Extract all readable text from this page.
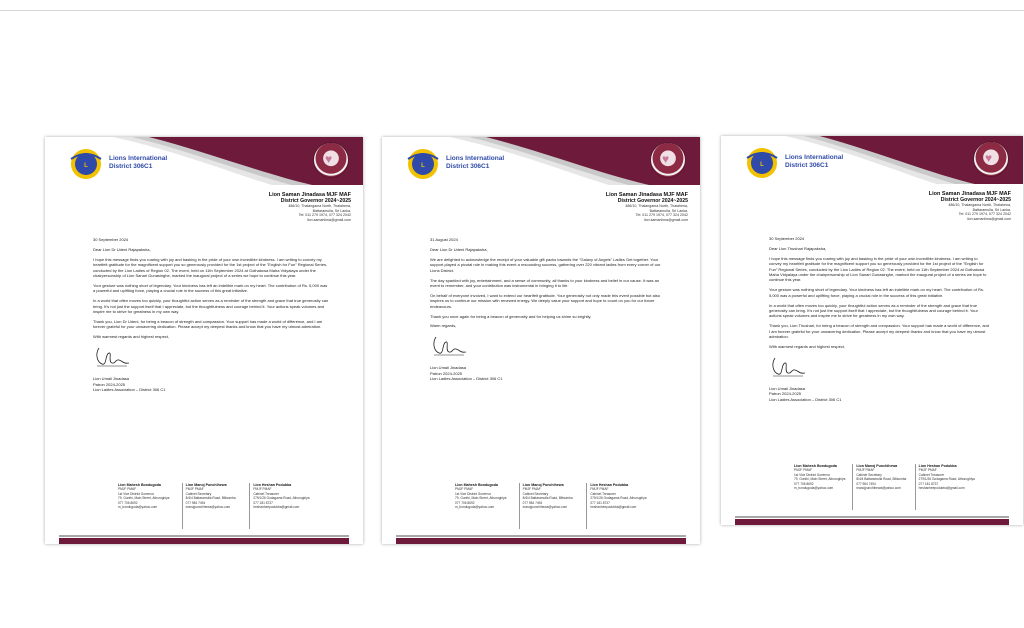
♥
L
Lions International
District 306C1
Lion Saman Jinadasa MJF MAF
District Governor 2024~2025
486/10, Thalangama North, Thalahena,
Battaramulla, Sri Lanka.
Tel: 011 279 1974, 077 324 2042
lion.samanlima@gmail.com

30 September 2024

Dear Lion Dr Udeni Rajapaksha,

I hope this message finds you roaring with joy and basking in the pride of your own incredible kindness. I am writing to convey my heartfelt gratitude for the magnificent support you so generously provided for the 1st project of the "English for Fun" Regional Series, conducted by the Lion Ladies of Region 02. The event, held on 11th September 2024 at Gothatuwa Maha Vidyalaya under the chairpersonship of Lion Sanari Gunasinghe, marked the inaugural project of a series we hope to continue this year.

Your gesture was nothing short of legendary. Your kindness has left an indelible mark on my heart. The contribution of Rs. 5,000 was a powerful and uplifting force, playing a crucial role in the success of this great initiative.

In a world that often moves too quickly, your thoughtful action serves as a reminder of the strength and grace that true generosity can bring. It's not just the support itself that I appreciate, but the thoughtfulness and courage behind it. Your actions speak volumes and inspire me to strive for greatness in my own way.

Thank you, Lion Dr Udeni, for being a beacon of strength and compassion. Your support has made a world of difference, and I am forever grateful for your unwavering dedication. Please accept my deepest thanks and know that you have my utmost admiration.

With warmest regards and highest respect,

Lion Umali Jinadasa
Patron 2024-2025
Lion Ladies Association – District 306 C1
Lion Mahesh Bondugoda
PMJF PMAF
1st Vice District Governor
79, Gunthi, Main Street, Athurugiriya
077 706 8692
m_bondugoda@yahoo.com
Lion Manoj Punchihewa
PMJF PMAF
Cabinet Secretary
8/4/4 Battaramulla Road, Bilisumba
077 984 7494
manojpunchihewa@yahoo.com
Lion Heshan Podubba
PMJF PMAF
Cabinet Treasurer
279/1/26 Godagama Road, Athurugiriya
077 181 8737
heshanheepodubba@gmail.com
♥
L
Lions International
District 306C1
Lion Saman Jinadasa MJF MAF
District Governor 2024~2025
486/10, Thalangama North, Thalahena,
Battaramulla, Sri Lanka.
Tel: 011 279 1974, 077 324 2042
lion.samanlima@gmail.com

31 August 2024

Dear Lion Dr Udeni Rajapaksha,

We are delighted to acknowledge the receipt of your valuable gift packs towards the "Galaxy of Angels" Ladies Get together. Your support played a pivotal role in making this event a resounding success, gathering over 220 vibrant ladies from every corner of our Lions District.

The day sparkled with joy, entertainment, and a sense of community, all thanks to your kindness and belief in our cause. It was an event to remember, and your contribution was instrumental in bringing it to life.

On behalf of everyone involved, I want to extend our heartfelt gratitude. Your generosity not only made this event possible but also inspires us to continue our mission with renewed energy. We deeply value your support and hope to count on you for our future endeavours.

Thank you once again for being a beacon of generosity and for helping us shine so brightly.

Warm regards,

Lion Umali Jinadasa
Patron 2024-2025
Lion Ladies Association – District 306 C1
Lion Mahesh Bondugoda
PMJF PMAF
1st Vice District Governor
79, Gunthi, Main Street, Athurugiriya
077 706 8692
m_bondugoda@yahoo.com
Lion Manoj Punchihewa
PMJF PMAF
Cabinet Secretary
8/4/4 Battaramulla Road, Bilisumba
077 984 7494
manojpunchihewa@yahoo.com
Lion Heshan Podubba
PMJF PMAF
Cabinet Treasurer
279/1/26 Godagama Road, Athurugiriya
077 181 8737
heshanheepodubba@gmail.com
♥
L
Lions International
District 306C1
Lion Saman Jinadasa MJF MAF
District Governor 2024~2025
486/10, Thalangama North, Thalahena,
Battaramulla, Sri Lanka.
Tel: 011 279 1974, 077 324 2042
lion.samanlima@gmail.com

30 September 2024

Dear Lion Thushari Rajapaksha,

I hope this message finds you roaring with joy and basking in the pride of your own incredible kindness. I am writing to convey my heartfelt gratitude for the magnificent support you so generously provided for the 1st project of the "English for Fun" Regional Series, conducted by the Lion Ladies of Region 02. The event, held on 11th September 2024 at Gothatuwa Maha Vidyalaya under the chairpersonship of Lion Sanari Gunasinghe, marked the inaugural project of a series we hope to continue this year.

Your gesture was nothing short of legendary. Your kindness has left an indelible mark on my heart. The contribution of Rs. 5,000 was a powerful and uplifting force, playing a crucial role in the success of this great initiative.

In a world that often moves too quickly, your thoughtful action serves as a reminder of the strength and grace that true generosity can bring. It's not just the support itself that I appreciate, but the thoughtfulness and courage behind it. Your actions speak volumes and inspire me to strive for greatness in my own way.

Thank you, Lion Thushari, for being a beacon of strength and compassion. Your support has made a world of difference, and I am forever grateful for your unwavering dedication. Please accept my deepest thanks and know that you have my utmost admiration.

With warmest regards and highest respect,

Lion Umali Jinadasa
Patron 2024-2025
Lion Ladies Association – District 306 C1
Lion Mahesh Bondugoda
PMJF PMAF
1st Vice District Governor
79, Gunthi, Main Street, Athurugiriya
077 706 8692
m_bondugoda@yahoo.com
Lion Manoj Punchihewa
PMJF PMAF
Cabinet Secretary
8/4/4 Battaramulla Road, Bilisumba
077 984 7494
manojpunchihewa@yahoo.com
Lion Heshan Podubba
PMJF PMAF
Cabinet Treasurer
279/1/26 Godagama Road, Athurugiriya
077 181 8737
heshanheepodubba@gmail.com
